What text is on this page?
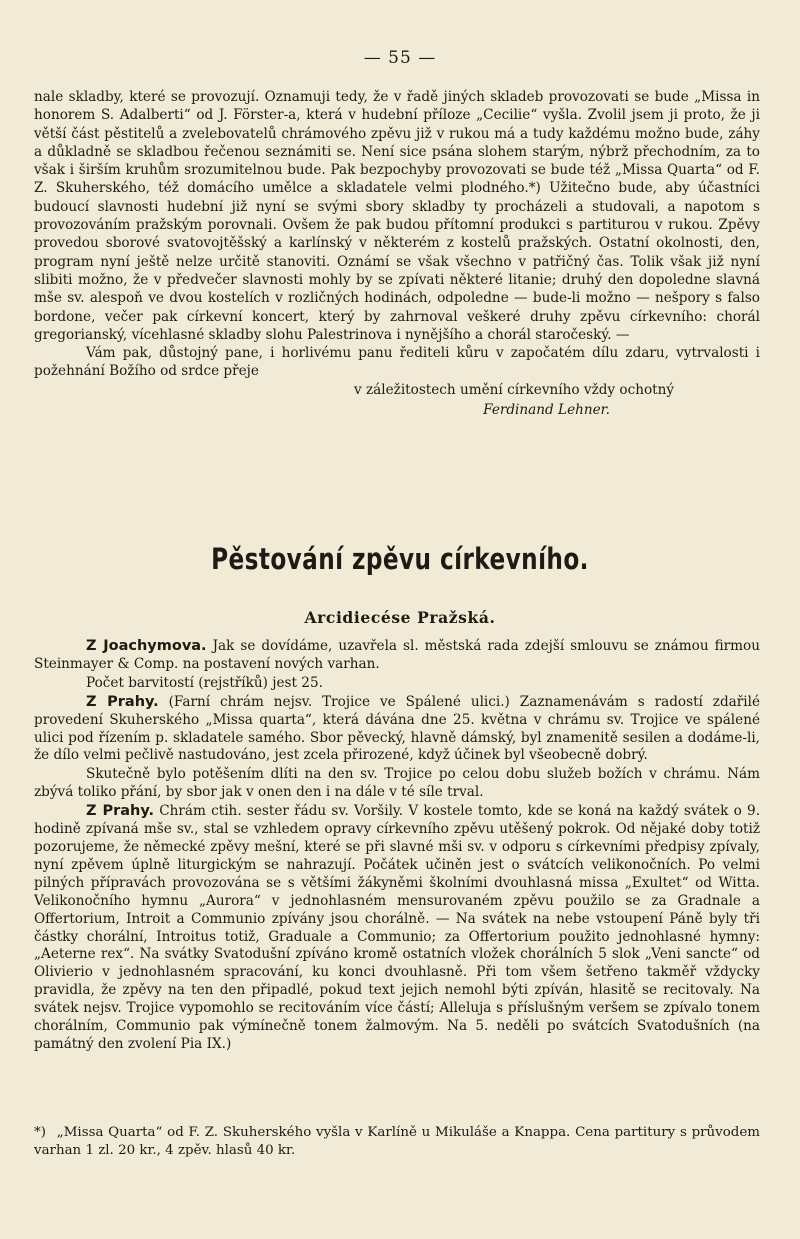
— 55 —

nale skladby, které se provozují. Oznamuji tedy, že v řadě jiných skladeb provozovati se bude „Missa in honorem S. Adalberti“ od J. Förster-a, která v hudební příloze „Cecilie“ vyšla. Zvolil jsem ji proto, že ji větší část pěstitelů a zvelebovatelů chrámového zpěvu již v rukou má a tudy každému možno bude, záhy a důkladně se skladbou řečenou seznámiti se. Není sice psána slohem starým, nýbrž přechodním, za to však i širším kruhům srozumitelnou bude. Pak bezpochyby provozovati se bude též „Missa Quarta“ od F. Z. Skuherského, též domácího umělce a skladatele velmi plodného.*) Užitečno bude, aby účastníci budoucí slavnosti hudební již nyní se svými sbory skladby ty procházeli a studovali, a napotom s provozováním pražským porovnali. Ovšem že pak budou přítomní produkci s partiturou v rukou. Zpěvy provedou sborové svatovojtěšský a karlínský v některém z kostelů pražských. Ostatní okolnosti, den, program nyní ještě nelze určitě stanoviti. Oznámí se však všechno v patřičný čas. Tolik však již nyní slibiti možno, že v předvečer slavnosti mohly by se zpívati některé litanie; druhý den dopoledne slavná mše sv. alespoň ve dvou kostelích v rozličných hodinách, odpoledne — bude-li možno — nešpory s falso bordone, večer pak církevní koncert, který by zahrnoval veškeré druhy zpěvu církevního: chorál gregorianský, vícehlasné skladby slohu Palestrinova i nynějšího a chorál staročeský. —

Vám pak, důstojný pane, i horlivému panu řediteli kůru v započatém dílu zdaru, vytrvalosti i požehnání Božího od srdce přeje

v záležitostech umění církevního vždy ochotný
Ferdinand Lehner.
Pěstování zpěvu církevního.
Arcidiecése Pražská.

Z Joachymova. Jak se dovídáme, uzavřela sl. městská rada zdejší smlouvu se známou firmou Steinmayer & Comp. na postavení nových varhan.

Počet barvitostí (rejstříků) jest 25.

Z Prahy. (Farní chrám nejsv. Trojice ve Spálené ulici.) Zaznamenávám s radostí zdařilé provedení Skuherského „Missa quarta“, která dávána dne 25. května v chrámu sv. Trojice ve spálené ulici pod řízením p. skladatele samého. Sbor pěvecký, hlavně dámský, byl znamenitě sesilen a dodáme-li, že dílo velmi pečlivě nastudováno, jest zcela přirozené, když účinek byl všeobecně dobrý.

Skutečně bylo potěšením dlíti na den sv. Trojice po celou dobu služeb božích v chrámu. Nám zbývá toliko přání, by sbor jak v onen den i na dále v té síle trval.

Z Prahy. Chrám ctih. sester řádu sv. Voršily. V kostele tomto, kde se koná na každý svátek o 9. hodině zpívaná mše sv., stal se vzhledem opravy církevního zpěvu utěšený pokrok. Od nějaké doby totiž pozorujeme, že německé zpěvy mešní, které se při slavné mši sv. v odporu s církevními předpisy zpívaly, nyní zpěvem úplně liturgickým se nahrazují. Počátek učiněn jest o svátcích velikonočních. Po velmi pilných přípravách provozována se s většími žákyněmi školními dvouhlasná missa „Exultet“ od Witta. Velikonočního hymnu „Aurora“ v jednohlasném mensurovaném zpěvu použilo se za Gradnale a Offertorium, Introit a Communio zpívány jsou chorálně. — Na svátek na nebe vstoupení Páně byly tři částky chorální, Introitus totiž, Graduale a Communio; za Offertorium použito jednohlasné hymny: „Aeterne rex“. Na svátky Svatodušní zpíváno kromě ostatních vložek chorálních 5 slok „Veni sancte“ od Olivierio v jednohlasném spracování, ku konci dvouhlasně. Při tom všem šetřeno takměř vždycky pravidla, že zpěvy na ten den připadlé, pokud text jejich nemohl býti zpíván, hlasitě se recitovaly. Na svátek nejsv. Trojice vypomohlo se recitováním více částí; Alleluja s příslušným veršem se zpívalo tonem chorálním, Communio pak výmínečně tonem žalmovým. Na 5. neděli po svátcích Svatodušních (na památný den zvolení Pia IX.)

*) „Missa Quarta“ od F. Z. Skuherského vyšla v Karlíně u Mikuláše a Knappa. Cena partitury s průvodem varhan 1 zl. 20 kr., 4 zpěv. hlasů 40 kr.
